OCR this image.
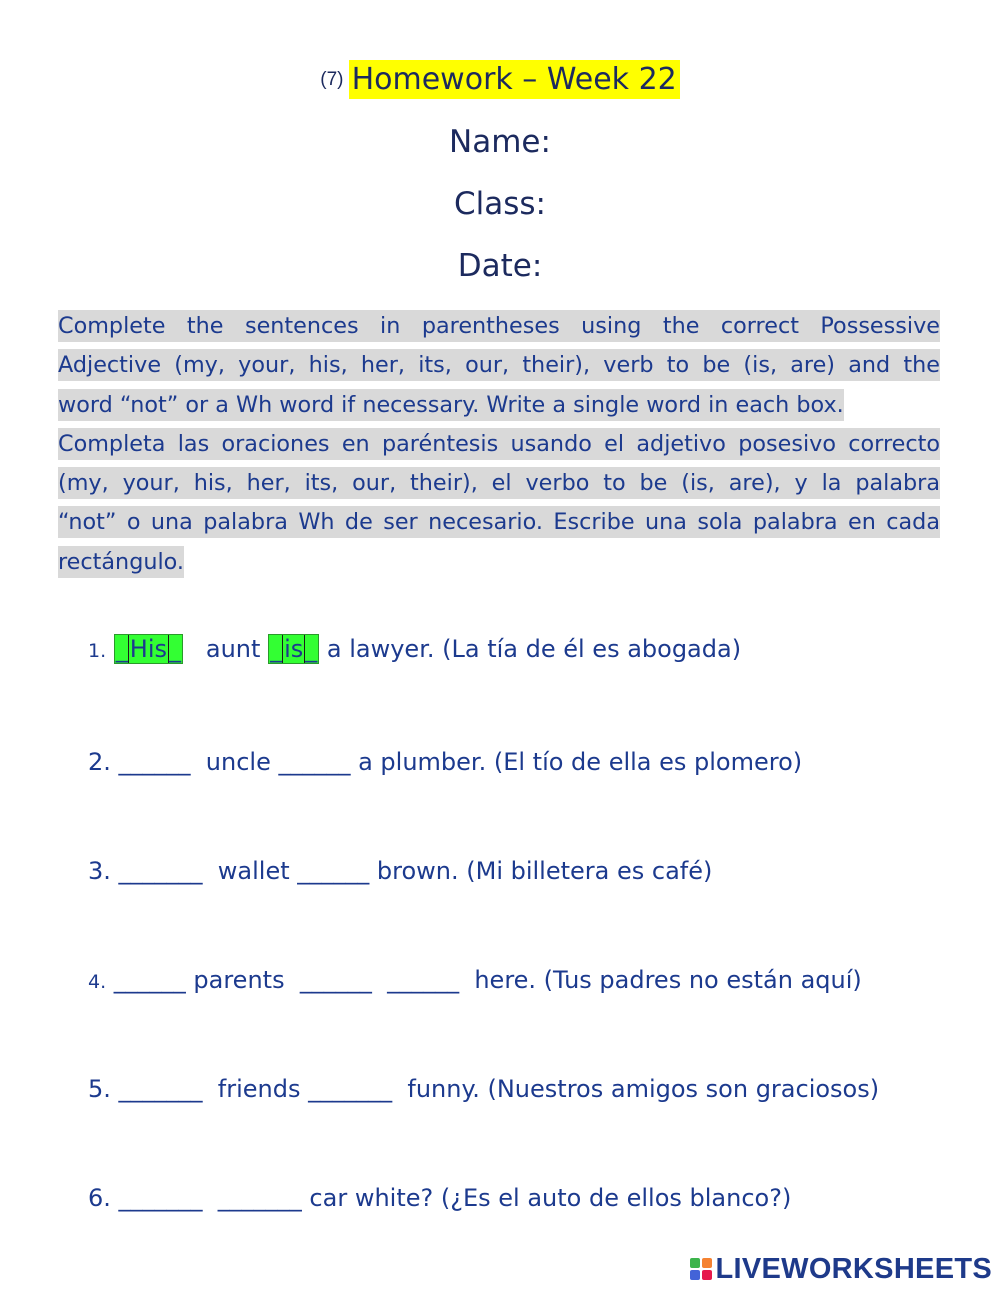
(7) Homework – Week 22
Name:
Class:
Date:
Complete the sentences in parentheses using the correct Possessive
Adjective (my, your, his, her, its, our, their), verb to be (is, are) and the
word “not” or a Wh word if necessary. Write a single word in each box.
Completa las oraciones en paréntesis usando el adjetivo posesivo correcto
(my, your, his, her, its, our, their), el verbo to be (is, are), y la palabra
“not” o una palabra Wh de ser necesario. Escribe una sola palabra en cada
rectángulo.
1. _His_ aunt _is_ a lawyer. (La tía de él es abogada)
2. ______  uncle ______ a plumber. (El tío de ella es plomero)
3. _______  wallet ______ brown. (Mi billetera es café)
4. ______ parents  ______  ______  here. (Tus padres no están aquí)
5. _______  friends _______  funny. (Nuestros amigos son graciosos)
6. _______  _______ car white? (¿Es el auto de ellos blanco?)
LIVEWORKSHEETS
